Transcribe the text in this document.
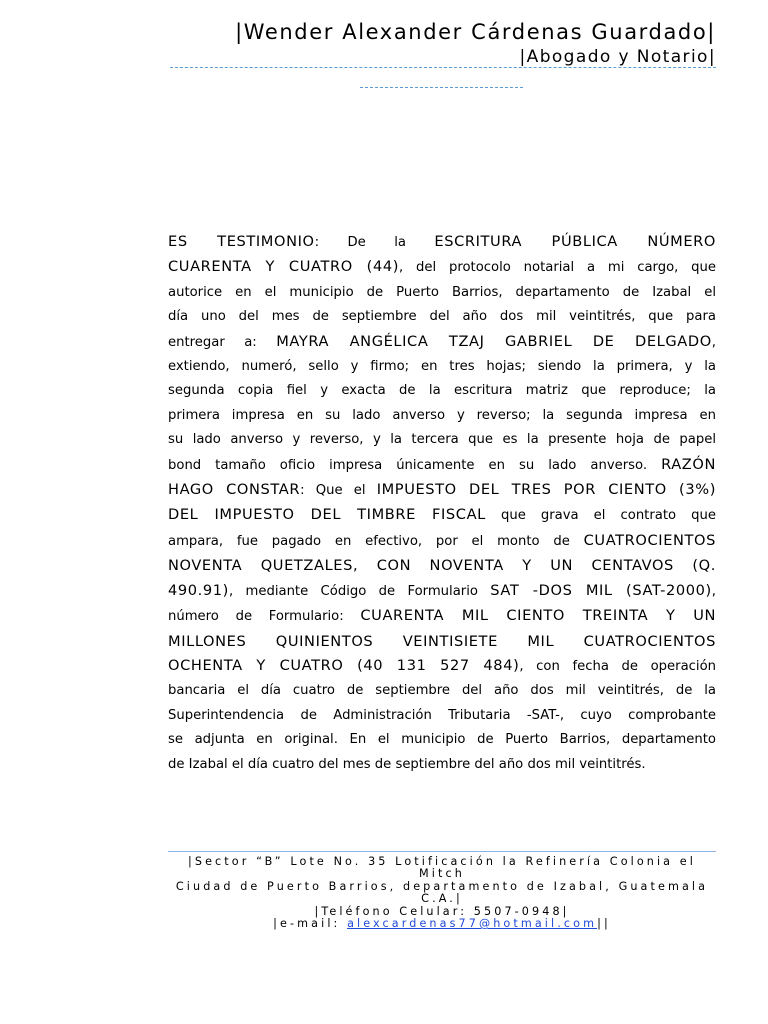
|Wender Alexander Cárdenas Guardado|
|Abogado y Notario|
ES TESTIMONIO: De la ESCRITURA PÚBLICA NÚMERO
CUARENTA Y CUATRO (44), del protocolo notarial a mi cargo, que
autorice en el municipio de Puerto Barrios, departamento de Izabal el
día uno del mes de septiembre del año dos mil veintitrés, que para
entregar a: MAYRA ANGÉLICA TZAJ GABRIEL DE DELGADO,
extiendo, numeró, sello y firmo; en tres hojas; siendo la primera, y la
segunda copia fiel y exacta de la escritura matriz que reproduce; la
primera impresa en su lado anverso y reverso; la segunda impresa en
su lado anverso y reverso, y la tercera que es la presente hoja de papel
bond tamaño oficio impresa únicamente en su lado anverso. RAZÓN
HAGO CONSTAR: Que el IMPUESTO DEL TRES POR CIENTO (3%)
DEL IMPUESTO DEL TIMBRE FISCAL que grava el contrato que
ampara, fue pagado en efectivo, por el monto de CUATROCIENTOS
NOVENTA QUETZALES, CON NOVENTA Y UN CENTAVOS (Q.
490.91), mediante Código de Formulario SAT -DOS MIL (SAT-2000),
número de Formulario: CUARENTA MIL CIENTO TREINTA Y UN
MILLONES QUINIENTOS VEINTISIETE MIL CUATROCIENTOS
OCHENTA Y CUATRO (40 131 527 484), con fecha de operación
bancaria el día cuatro de septiembre del año dos mil veintitrés, de la
Superintendencia de Administración Tributaria -SAT-, cuyo comprobante
se adjunta en original. En el municipio de Puerto Barrios, departamento
de Izabal el día cuatro del mes de septiembre del año dos mil veintitrés.
|Sector “B” Lote No. 35 Lotificación la Refinería Colonia el Mitch
Ciudad de Puerto Barrios, departamento de Izabal, Guatemala C.A.|
|Teléfono Celular: 5507-0948|
|e-mail: alexcardenas77@hotmail.com||
